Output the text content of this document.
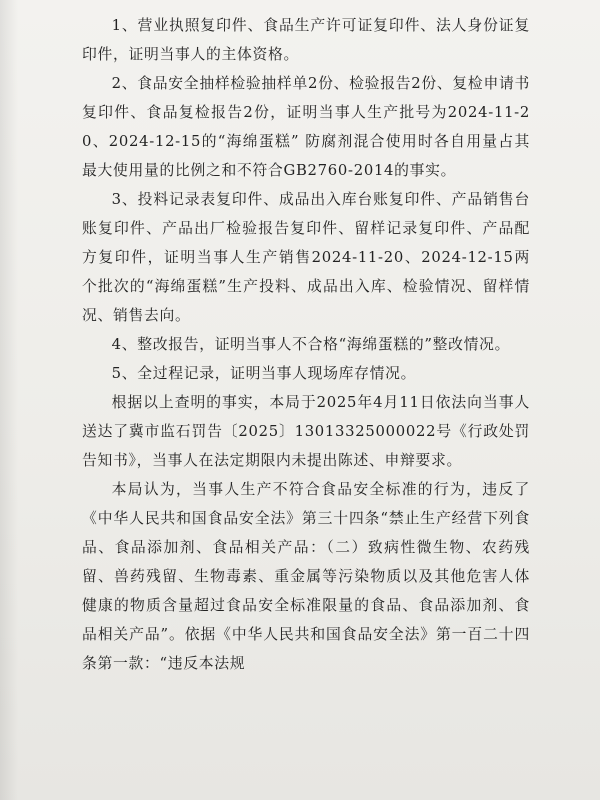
1、营业执照复印件、食品生产许可证复印件、法人身份证复印件，证明当事人的主体资格。

2、食品安全抽样检验抽样单2份、检验报告2份、复检申请书复印件、食品复检报告2份，证明当事人生产批号为2024-11-20、2024-12-15的“海绵蛋糕” 防腐剂混合使用时各自用量占其最大使用量的比例之和不符合GB2760-2014的事实。

3、投料记录表复印件、成品出入库台账复印件、产品销售台账复印件、产品出厂检验报告复印件、留样记录复印件、产品配方复印件，证明当事人生产销售2024-11-20、2024-12-15两个批次的“海绵蛋糕”生产投料、成品出入库、检验情况、留样情况、销售去向。

4、整改报告，证明当事人不合格“海绵蛋糕的”整改情况。

5、全过程记录，证明当事人现场库存情况。

根据以上查明的事实，本局于2025年4月11日依法向当事人送达了冀市监石罚告〔2025〕13013325000022号《行政处罚告知书》，当事人在法定期限内未提出陈述、申辩要求。

本局认为，当事人生产不符合食品安全标准的行为，违反了《中华人民共和国食品安全法》第三十四条“禁止生产经营下列食品、食品添加剂、食品相关产品：（二）致病性微生物、农药残留、兽药残留、生物毒素、重金属等污染物质以及其他危害人体健康的物质含量超过食品安全标准限量的食品、食品添加剂、食品相关产品”。依据《中华人民共和国食品安全法》第一百二十四条第一款：“违反本法规
